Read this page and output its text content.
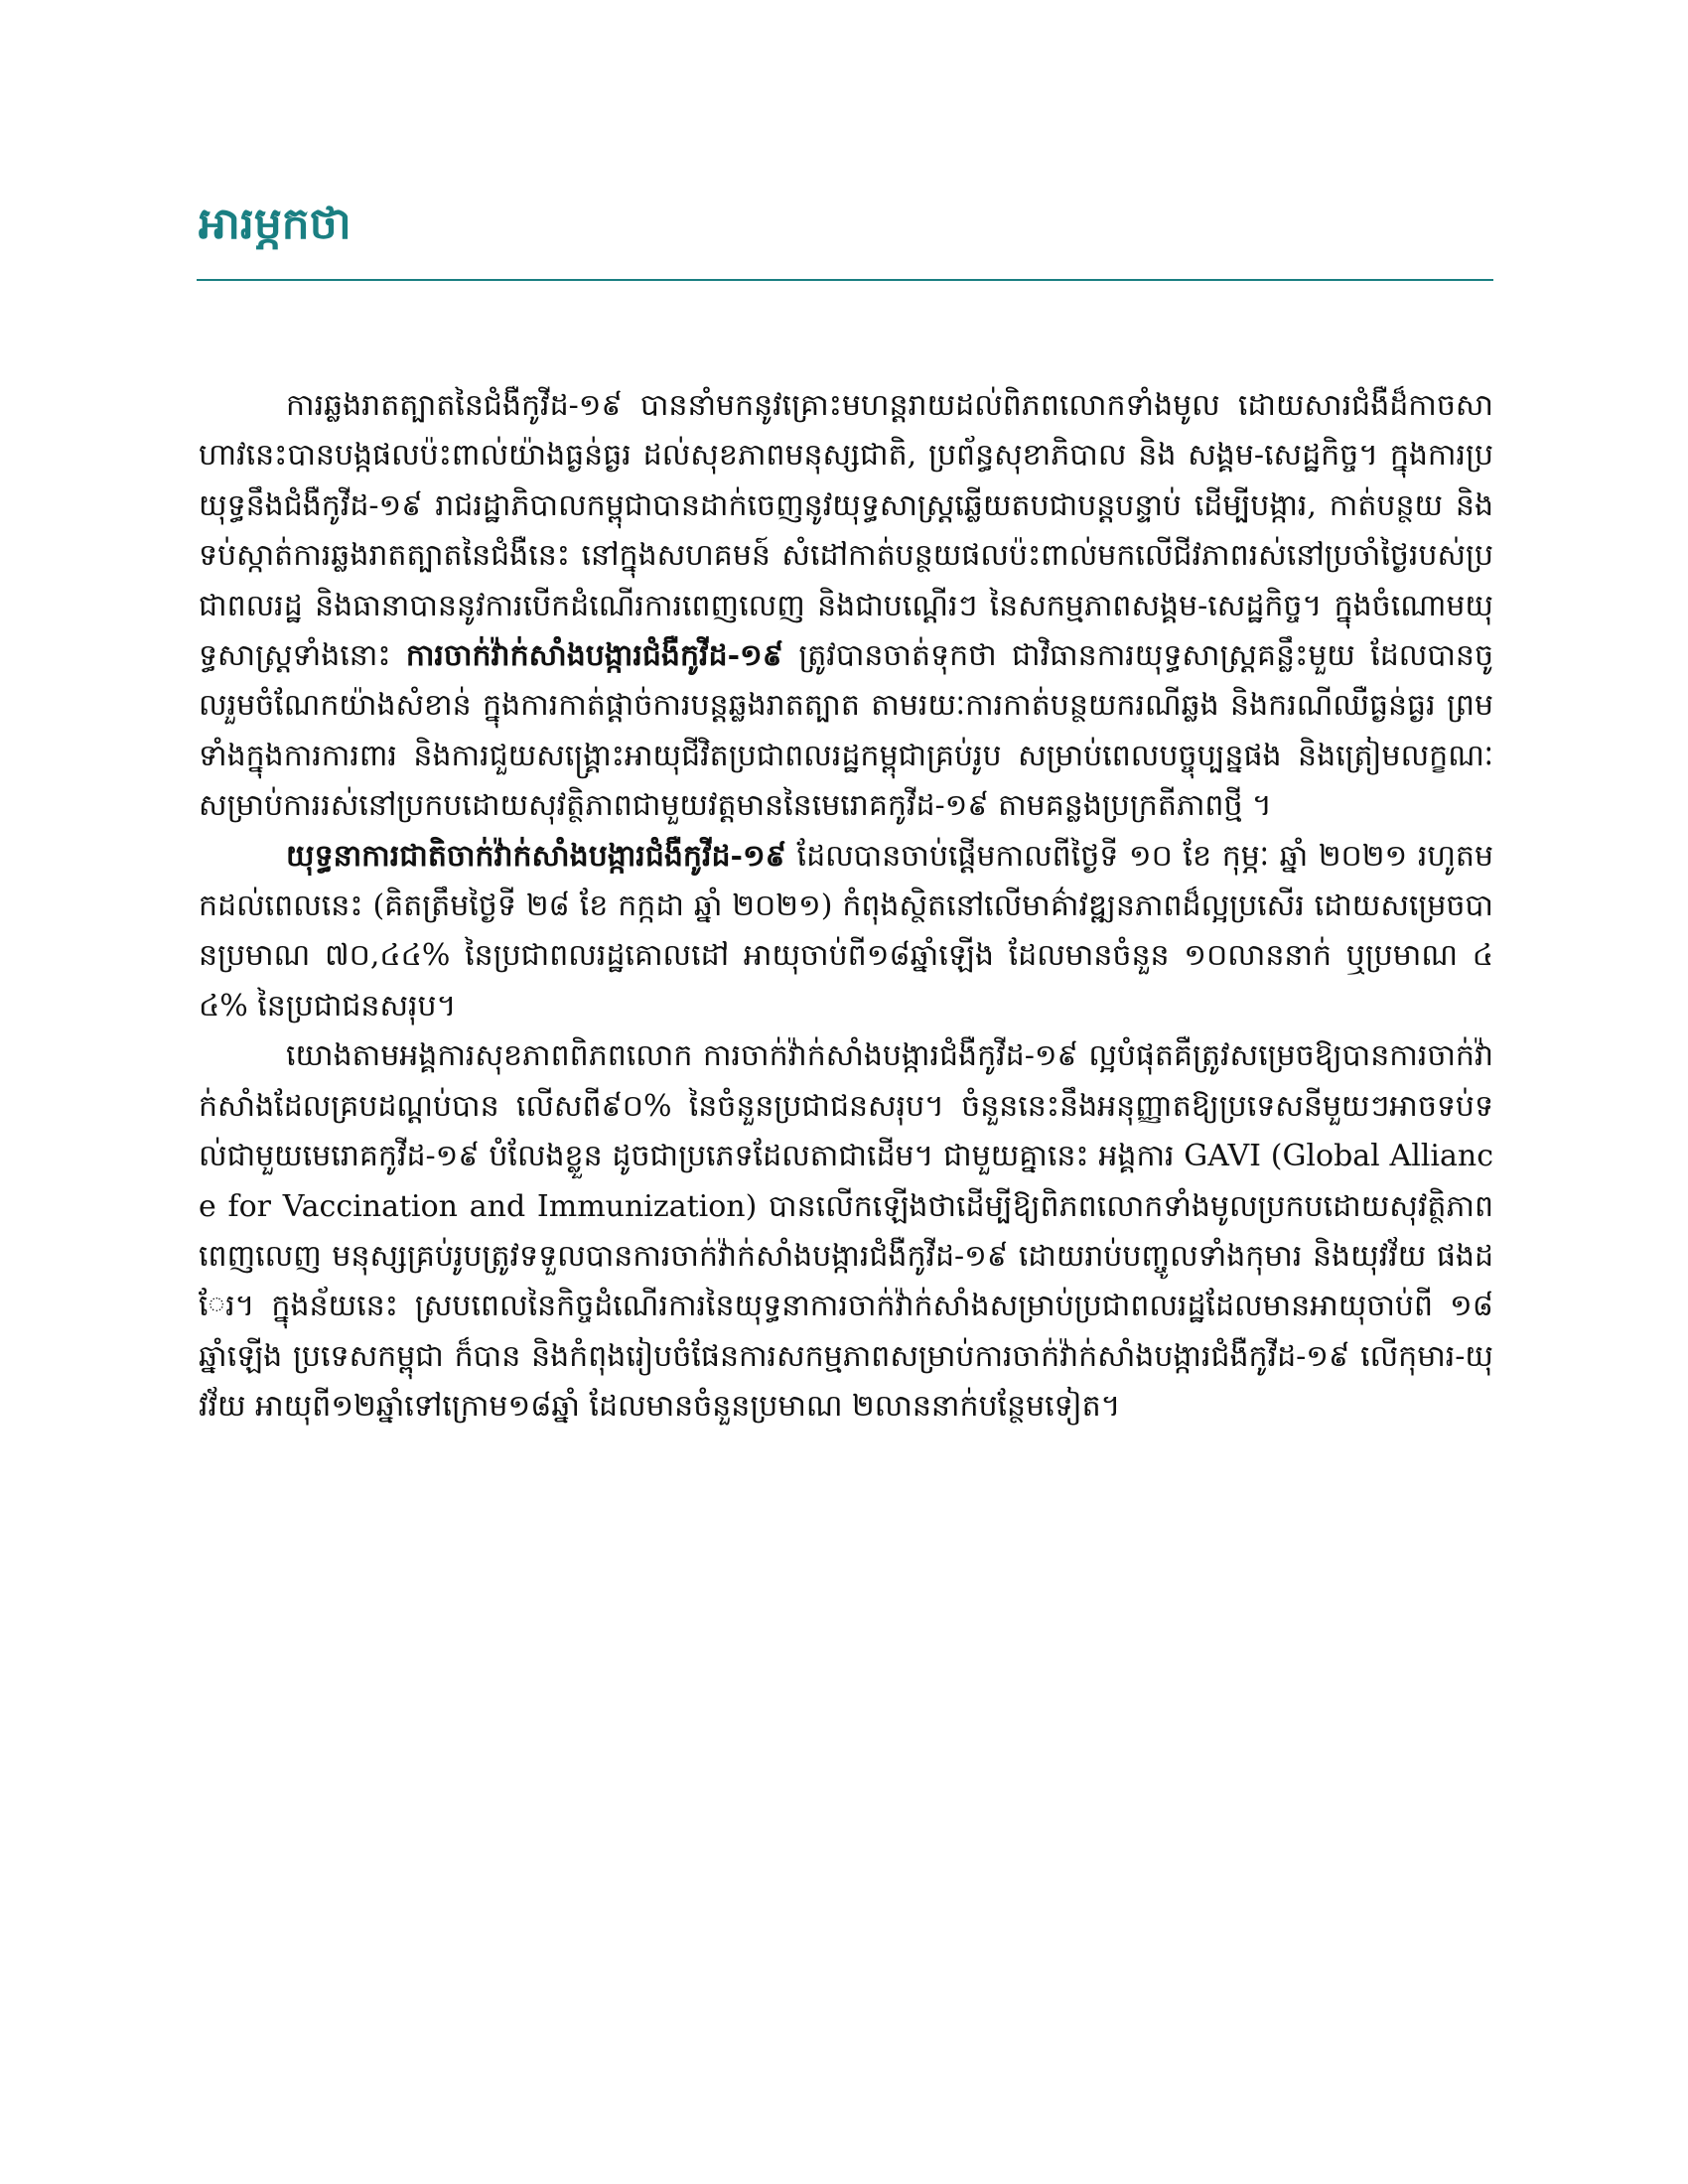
អារម្ភកថា

ការឆ្លងរាតត្បាតនៃជំងឺកូវីដ-១៩ បាននាំមកនូវគ្រោះមហន្តរាយដល់ពិភពលោកទាំងមូល ដោយសារជំងឺដ៏កាចសាហាវនេះបានបង្កផលប៉ះពាល់យ៉ាងធ្ងន់ធ្ងរ ដល់សុខភាពមនុស្សជាតិ, ប្រព័ន្ធសុខាភិបាល និង សង្គម-សេដ្ឋកិច្ច។ ក្នុងការប្រយុទ្ធនឹងជំងឺកូវីដ-១៩ រាជរដ្ឋាភិបាលកម្ពុជាបានដាក់ចេញនូវយុទ្ធសាស្ត្រឆ្លើយតបជាបន្តបន្ទាប់ ដើម្បីបង្ការ, កាត់បន្ថយ និងទប់ស្កាត់ការឆ្លងរាតត្បាតនៃជំងឺនេះ នៅក្នុងសហគមន៍ សំដៅកាត់បន្ថយផលប៉ះពាល់មកលើជីវភាពរស់នៅប្រចាំថ្ងៃរបស់ប្រជាពលរដ្ឋ និងធានាបាននូវការបើកដំណើរការពេញលេញ និងជាបណ្តើរៗ នៃសកម្មភាពសង្គម-សេដ្ឋកិច្ច។ ក្នុងចំណោមយុទ្ធសាស្ត្រទាំងនោះ ការចាក់វ៉ាក់សាំងបង្ការជំងឺកូវីដ-១៩ ត្រូវបានចាត់ទុកថា ជាវិធានការយុទ្ធសាស្ត្រគន្លឹះមួយ ដែលបានចូលរួមចំណែកយ៉ាងសំខាន់ ក្នុងការកាត់ផ្តាច់ការបន្តឆ្លងរាតត្បាត តាមរយៈការកាត់បន្ថយករណីឆ្លង និងករណីឈឺធ្ងន់ធ្ងរ ព្រមទាំងក្នុងការការពារ និងការជួយសង្គ្រោះអាយុជីវិតប្រជាពលរដ្ឋកម្ពុជាគ្រប់រូប សម្រាប់ពេលបច្ចុប្បន្នផង និងត្រៀមលក្ខណៈសម្រាប់ការរស់នៅប្រកបដោយសុវត្ថិភាពជាមួយវត្តមាននៃមេរោគកូវីដ-១៩ តាមគន្លងប្រក្រតីភាពថ្មី ។

យុទ្ធនាការជាតិចាក់វ៉ាក់សាំងបង្ការជំងឺកូវីដ-១៩ ដែលបានចាប់ផ្តើមកាលពីថ្ងៃទី ១០ ខែ កុម្ភៈ ឆ្នាំ ២០២១ រហូតមកដល់ពេលនេះ (គិតត្រឹមថ្ងៃទី ២៨ ខែ កក្កដា ឆ្នាំ ២០២១) កំពុងស្ថិតនៅលើមាគ៌ាវឌ្ឍនភាពដ៏ល្អប្រសើរ ដោយសម្រេចបានប្រមាណ ៧០,៤៤% នៃប្រជាពលរដ្ឋគោលដៅ អាយុចាប់ពី១៨ឆ្នាំឡើង ដែលមានចំនួន ១០លាននាក់ ឬប្រមាណ ៤៤% នៃប្រជាជនសរុប។

យោងតាមអង្គការសុខភាពពិភពលោក ការចាក់វ៉ាក់សាំងបង្ការជំងឺកូវីដ-១៩ ល្អបំផុតគឺត្រូវសម្រេចឱ្យបានការចាក់វ៉ាក់សាំងដែលគ្របដណ្តប់បាន លើសពី៩០% នៃចំនួនប្រជាជនសរុប។ ចំនួននេះនឹងអនុញ្ញាតឱ្យប្រទេសនីមួយៗអាចទប់ទល់ជាមួយមេរោគកូវីដ-១៩ បំលែងខ្លួន ដូចជាប្រភេទដែលតាជាដើម។ ជាមួយគ្នានេះ អង្គការ GAVI (Global Alliance for Vaccination and Immunization) បានលើកឡើងថាដើម្បីឱ្យពិភពលោកទាំងមូលប្រកបដោយសុវត្ថិភាពពេញលេញ មនុស្សគ្រប់រូបត្រូវទទួលបានការចាក់វ៉ាក់សាំងបង្ការជំងឺកូវីដ-១៩ ដោយរាប់បញ្ចូលទាំងកុមារ និងយុវវ័យ ផងដែរ។ ក្នុងន័យនេះ ស្របពេលនៃកិច្ចដំណើរការនៃយុទ្ធនាការចាក់វ៉ាក់សាំងសម្រាប់ប្រជាពលរដ្ឋដែលមានអាយុចាប់ពី ១៨ ឆ្នាំឡើង ប្រទេសកម្ពុជា ក៏បាន និងកំពុងរៀបចំផែនការសកម្មភាពសម្រាប់ការចាក់វ៉ាក់សាំងបង្ការជំងឺកូវីដ-១៩ លើកុមារ-យុវវ័យ អាយុពី១២ឆ្នាំទៅក្រោម១៨ឆ្នាំ ដែលមានចំនួនប្រមាណ ២លាននាក់បន្ថែមទៀត។
